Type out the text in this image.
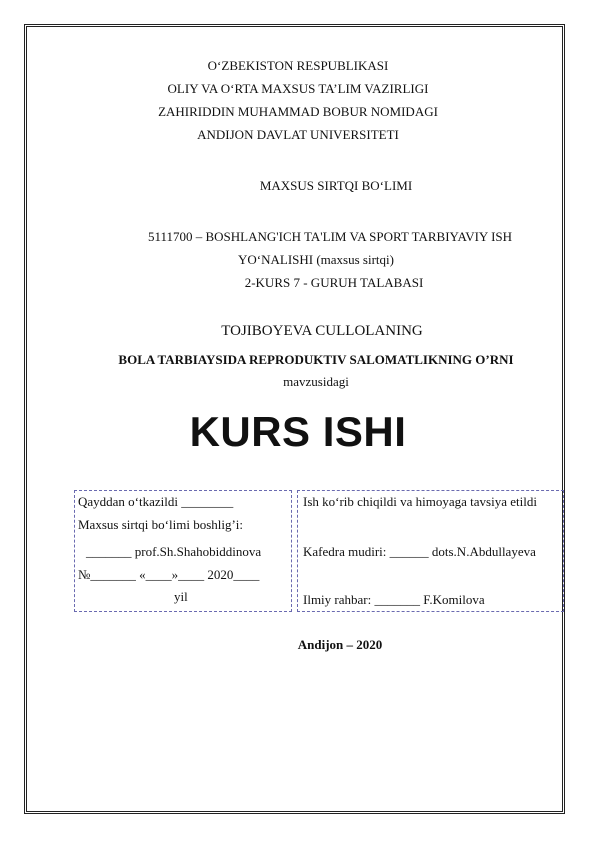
O‘ZBEKISTON RESPUBLIKASI
OLIY VA O‘RTA MAXSUS TA’LIM VAZIRLIGI
ZAHIRIDDIN MUHAMMAD BOBUR NOMIDAGI
ANDIJON DAVLAT UNIVERSITETI
MAXSUS SIRTQI BO‘LIMI
5111700 – BOSHLANG'ICH TA'LIM VA SPORT TARBIYAVIY ISH
YO‘NALISHI (maxsus sirtqi)
2-KURS 7 - GURUH TALABASI
TOJIBOYEVA CULLOLANING
BOLA TARBIAYSIDA REPRODUKTIV SALOMATLIKNING O’RNI
mavzusidagi
KURS ISHI
Qayddan o‘tkazildi ________
Maxsus sirtqi bo‘limi boshlig’i:
_______ prof.Sh.Shahobiddinova
№_______ «____»____ 2020____
yil
Ish ko‘rib chiqildi va himoyaga tavsiya etildi
Kafedra mudiri: ______ dots.N.Abdullayeva
Ilmiy rahbar: _______ F.Komilova
Andijon – 2020
